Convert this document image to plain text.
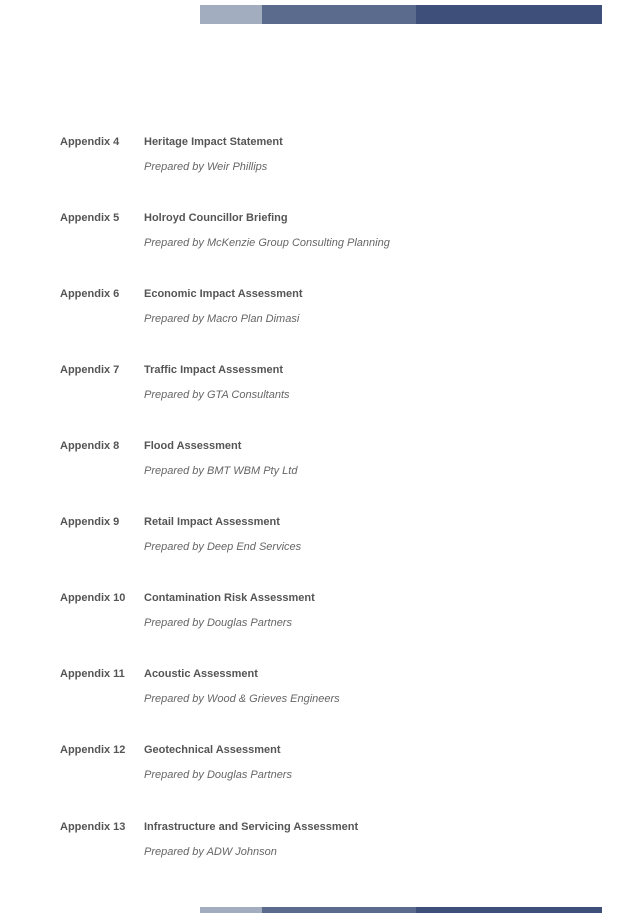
Appendix 4 Heritage Impact Statement
Prepared by Weir Phillips
Appendix 5 Holroyd Councillor Briefing
Prepared by McKenzie Group Consulting Planning
Appendix 6 Economic Impact Assessment
Prepared by Macro Plan Dimasi
Appendix 7 Traffic Impact Assessment
Prepared by GTA Consultants
Appendix 8 Flood Assessment
Prepared by BMT WBM Pty Ltd
Appendix 9 Retail Impact Assessment
Prepared by Deep End Services
Appendix 10 Contamination Risk Assessment
Prepared by Douglas Partners
Appendix 11 Acoustic Assessment
Prepared by Wood & Grieves Engineers
Appendix 12 Geotechnical Assessment
Prepared by Douglas Partners
Appendix 13 Infrastructure and Servicing Assessment
Prepared by ADW Johnson
